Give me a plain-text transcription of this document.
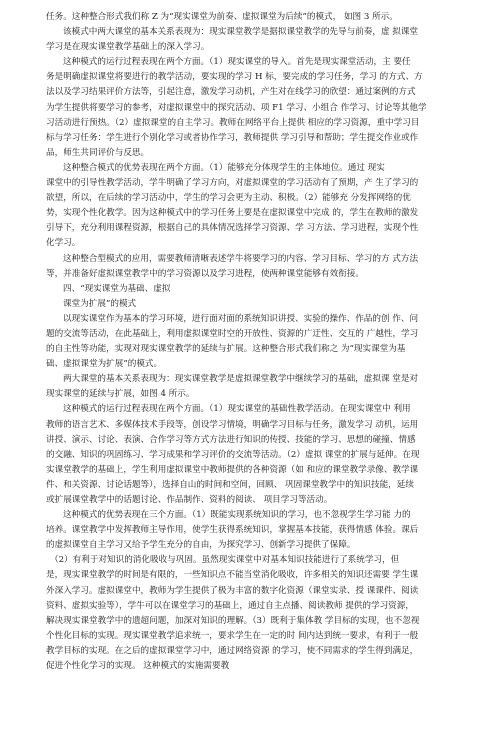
任务。这种整合形式我们称 Z 为“现实课堂为前奏、虚拟课堂为后续”的模式， 如图 3 所示。
该模式中两大课堂的基本关系表现为：现实课堂教学是据拟课堂教学的先导与前奏，虚 拟课堂
学习是在现实课堂教学基础上的深入学习。
这种模式的运行过程表现在两个方面。（1）现实课堂的导入。首先是现实课堂活动，主 要任
务是明确虚拟课堂将要进行的教学活动，要实现的学习 H 标，要完成的学习任务，学习 的方式、方
法以及学习结果评价方法等，引起注意，激发学习动机，产生对在线学习的欣望：通过案例的方式
为学生提供将要学习的参考，对虚拟课堂中的探究活动、项 F1 学习、小组合 作学习、讨论等其他学
习活动进行预热。（2）虚拟课堂的自主学习。教师在网络平台上提供 相应的学习资源，重中学习目
标与学习任务：学生进行个别化学习或者协作学习，教师提供 学习引导和帮助；学生提交作业或作
品，师生共同评价与反思。
这种整合模式的优势表现在两个方面。（1）能够充分体现学生的主体地位。通过 现实
课堂中的引导性教学活动，学牛明确了学习方向，对虚拟课堂的学习活动有了预期，产 生了学习的
欲望，所以，在后续的学习活动中，学生的学习会更为主动、积极。（2）能够充 分发挥网络的优
势，实现个性化教学。因为这种模式中的学习任务上要是在虚拟课堂中完成 的，学生在教师的激发
引导下，充分利用课程资源，根据自己的具体情况选择学习资源、学 习方法、学习进程，实现个性
化学习。
这种整合型模式的应用，需要教师清晰表述学牛将要学习的内容、学习目标、学习的方 式方法
等，并准备好虚拟课堂教学中的学习资源以及学习进程，使两种课堂能够有效衔接。
四、“现实课堂为基础、虚拟
课堂为扩展”的模式
以现实课堂作为基本的学习环境，进行面对面的系统知识讲授、实验的操作、作品的创 作、问
题的交流等活动，在此基础上，利用虚拟课堂时空的开放性、资源的广迂性、交互的 广越性，学习
的自主性等功能，实现对现实课堂教学的延续与扩展。这种整合形式我们称之 为“现实课堂为基
础、虚拟课堂为扩展”的模式。
两大课堂的基本关系表现为：现实课堂教学是虚拟课堂教学中继续学习的基础，虚拟课 堂是对
现实课堂的延续与扩展，如图 4 所示。
这种模式的运行过程表现在两个方面。（1）现实课堂的基础性教学活动。在现实课堂中 利用
教师的语言艺术、多媒体技术手段等，创设学习情境，明确学习目标与任务，激发学习 动机，运用
讲授、演示、讨论、表演、合作学习等方式方法进行知识的传授、技能的学习、思想的碰撞、情感
的交融、知识的巩固练习、学习成果和学习评价的交流等活动。（2）虚拟 课堂的扩展与延伸。在现
实课堂教学的基础上，学生利用虚拟课堂中教师提供的各种资源（如 和应的课堂教学录像、教学课
件、和关资源、讨论话题等），选择自山的时间和空间，回顾、 巩固课堂教学中的知识技能，延续
或扩展课堂教学中的话题讨论、作品制作、资料的阅读、 项目学习等活动。
这种模式的优势表现在三个方面。（1）既能实现系统知识的学习，也不忽视学生学习能 力的
培养。课堂教学中发挥教师主导作用，使学生获得系统知识，掌握基本技能，获得情感 体验。课后
的虚拟课堂自主学习又给予学生充分的自由，为探究学习、创新学习提供了保障。
（2）有利于对知识的消化吸收与巩固。虽然现实课堂中对基本知识技能进行了系统学习，但
是，现实课堂教学的时间是有限的，一些知识点不能当堂消化吸收，许多相关的知识还需要 学生课
外深入学习。虚拟课堂中，教师为学生提供了极为丰富的数字化资源（课堂实录、授 课课件、阅读
资料、虚拟实验等），学牛可以在课堂学习的基础上，通过自主点播、阅读教师 提供的学习资源，
解决现实课堂教学中的遗超问题，加深对知识的理解。（3）既利于集体教 学目标的实现，也不忽视
个性化目标的实现。现实课堂教学追求统一，要求学生在一定的时 间内达到统一要求，有利于一般
教学目标的实现。在之后的虚拟课堂学习中，通过网络资源 的学习，使不同需求的学生得到满足，
促进个性化学习的实现。 这种模式的实施需要教
